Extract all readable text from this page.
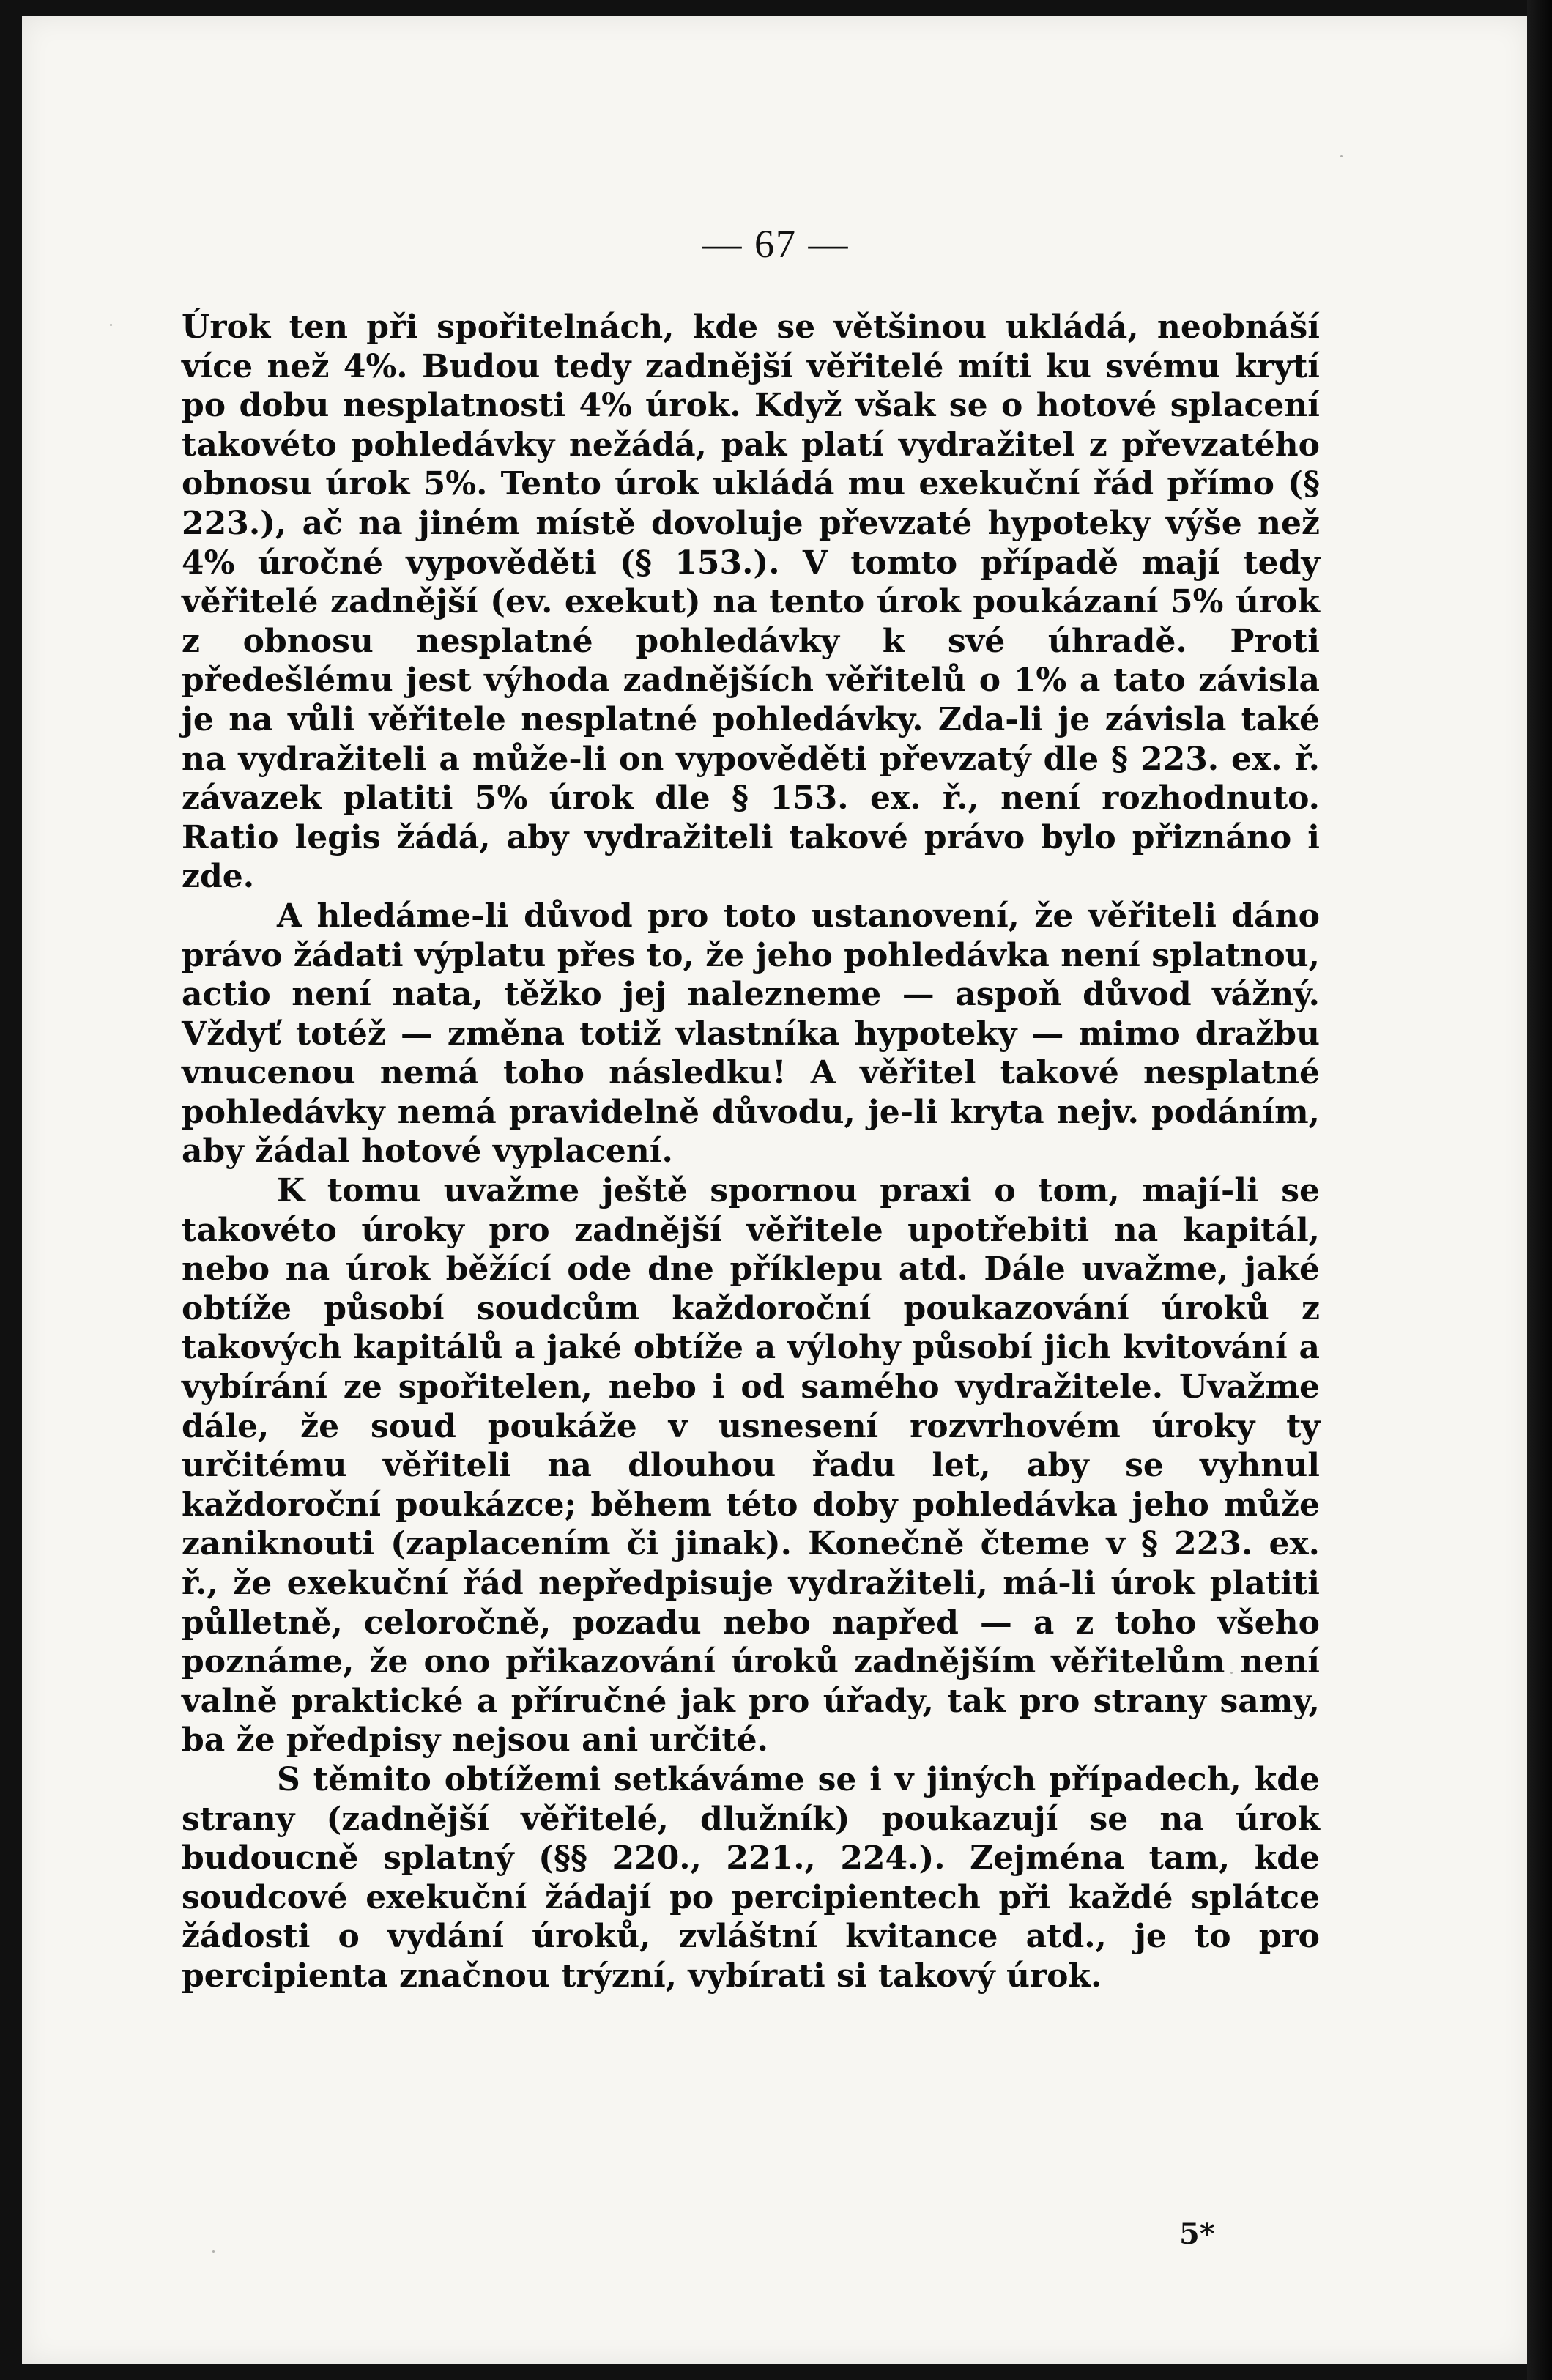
— 67 —

Úrok ten při spořitelnách, kde se většinou ukládá, neobnáší více než 4%. Budou tedy zadnější věřitelé míti ku svému krytí po dobu nesplatnosti 4% úrok. Když však se o hotové splacení takovéto pohledávky nežádá, pak platí vydražitel z převzatého obnosu úrok 5%. Tento úrok ukládá mu exekuční řád přímo (§ 223.), ač na jiném místě dovoluje převzaté hypoteky výše než 4% úročné vypověděti (§ 153.). V tomto případě mají tedy věřitelé zadnější (ev. exekut) na tento úrok poukázaní 5% úrok z obnosu nesplatné pohledávky k své úhradě. Proti předešlému jest výhoda zadnějších věřitelů o 1% a tato závisla je na vůli věřitele nesplatné pohledávky. Zda-li je závisla také na vydražiteli a může-li on vypověděti převzatý dle § 223. ex. ř. závazek platiti 5% úrok dle § 153. ex. ř., není rozhodnuto. Ratio legis žádá, aby vydražiteli takové právo bylo přiznáno i zde.

A hledáme-li důvod pro toto ustanovení, že věřiteli dáno právo žádati výplatu přes to, že jeho pohledávka není splatnou, actio není nata, těžko jej nalezneme — aspoň důvod vážný. Vždyť totéž — změna totiž vlastníka hypoteky — mimo dražbu vnucenou nemá toho následku! A věřitel takové nesplatné pohledávky nemá pravidelně důvodu, je-li kryta nejv. podáním, aby žádal hotové vyplacení.

K tomu uvažme ještě spornou praxi o tom, mají-li se takovéto úroky pro zadnější věřitele upotřebiti na kapitál, nebo na úrok běžící ode dne příklepu atd. Dále uvažme, jaké obtíže působí soudcům každoroční poukazování úroků z takových kapitálů a jaké obtíže a výlohy působí jich kvitování a vybírání ze spořitelen, nebo i od samého vydražitele. Uvažme dále, že soud poukáže v usnesení rozvrhovém úroky ty určitému věřiteli na dlouhou řadu let, aby se vyhnul každoroční poukázce; během této doby pohledávka jeho může zaniknouti (zaplacením či jinak). Konečně čteme v § 223. ex. ř., že exekuční řád nepředpisuje vydražiteli, má-li úrok platiti půlletně, celoročně, pozadu nebo napřed — a z toho všeho poznáme, že ono přikazování úroků zadnějším věřitelům není valně praktické a příručné jak pro úřady, tak pro strany samy, ba že předpisy nejsou ani určité.

S těmito obtížemi setkáváme se i v jiných případech, kde strany (zadnější věřitelé, dlužník) poukazují se na úrok budoucně splatný (§§ 220., 221., 224.). Zejména tam, kde soudcové exekuční žádají po percipientech při každé splátce žádosti o vydání úroků, zvláštní kvitance atd., je to pro percipienta značnou trýzní, vybírati si takový úrok.

5*
